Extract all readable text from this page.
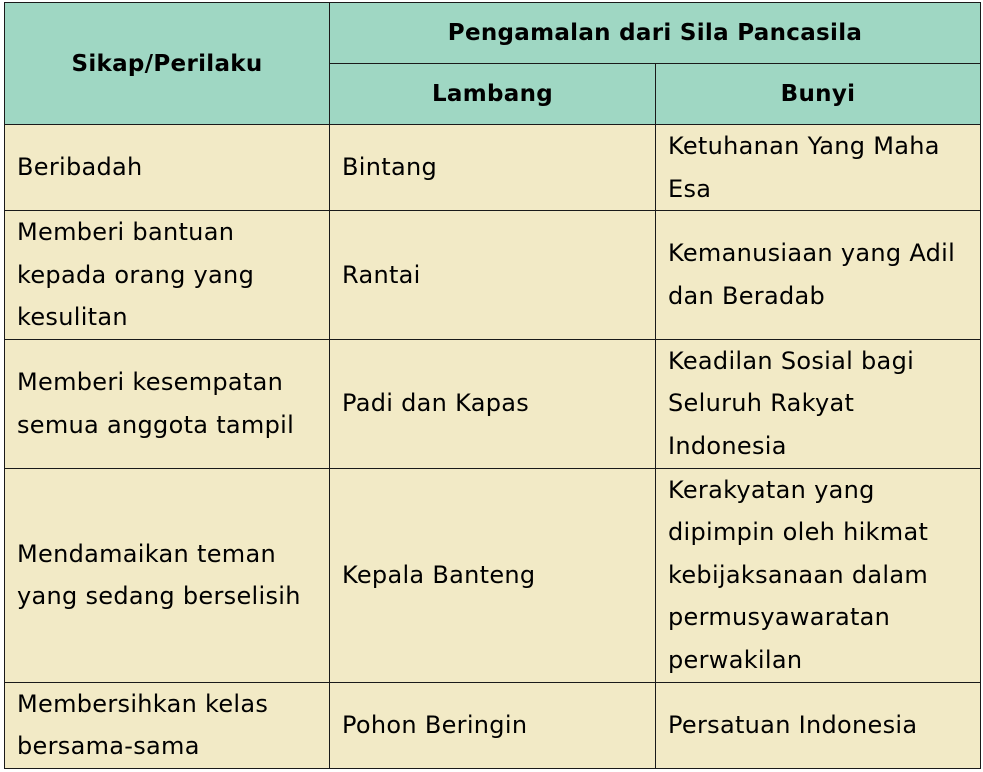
Sikap/Perilaku	Pengamalan dari Sila Pancasila	
	Lambang	Bunyi

Beribadah	Bintang	Ketuhanan Yang Maha
Esa

Memberi bantuan
kepada orang yang
kesulitan	Rantai	Kemanusiaan yang Adil
dan Beradab

Memberi kesempatan
semua anggota tampil	Padi dan Kapas	Keadilan Sosial bagi
Seluruh Rakyat
Indonesia

Mendamaikan teman
yang sedang berselisih	Kepala Banteng	Kerakyatan yang
dipimpin oleh hikmat
kebijaksanaan dalam
permusyawaratan
perwakilan

Membersihkan kelas
bersama-sama	Pohon Beringin	Persatuan Indonesia
